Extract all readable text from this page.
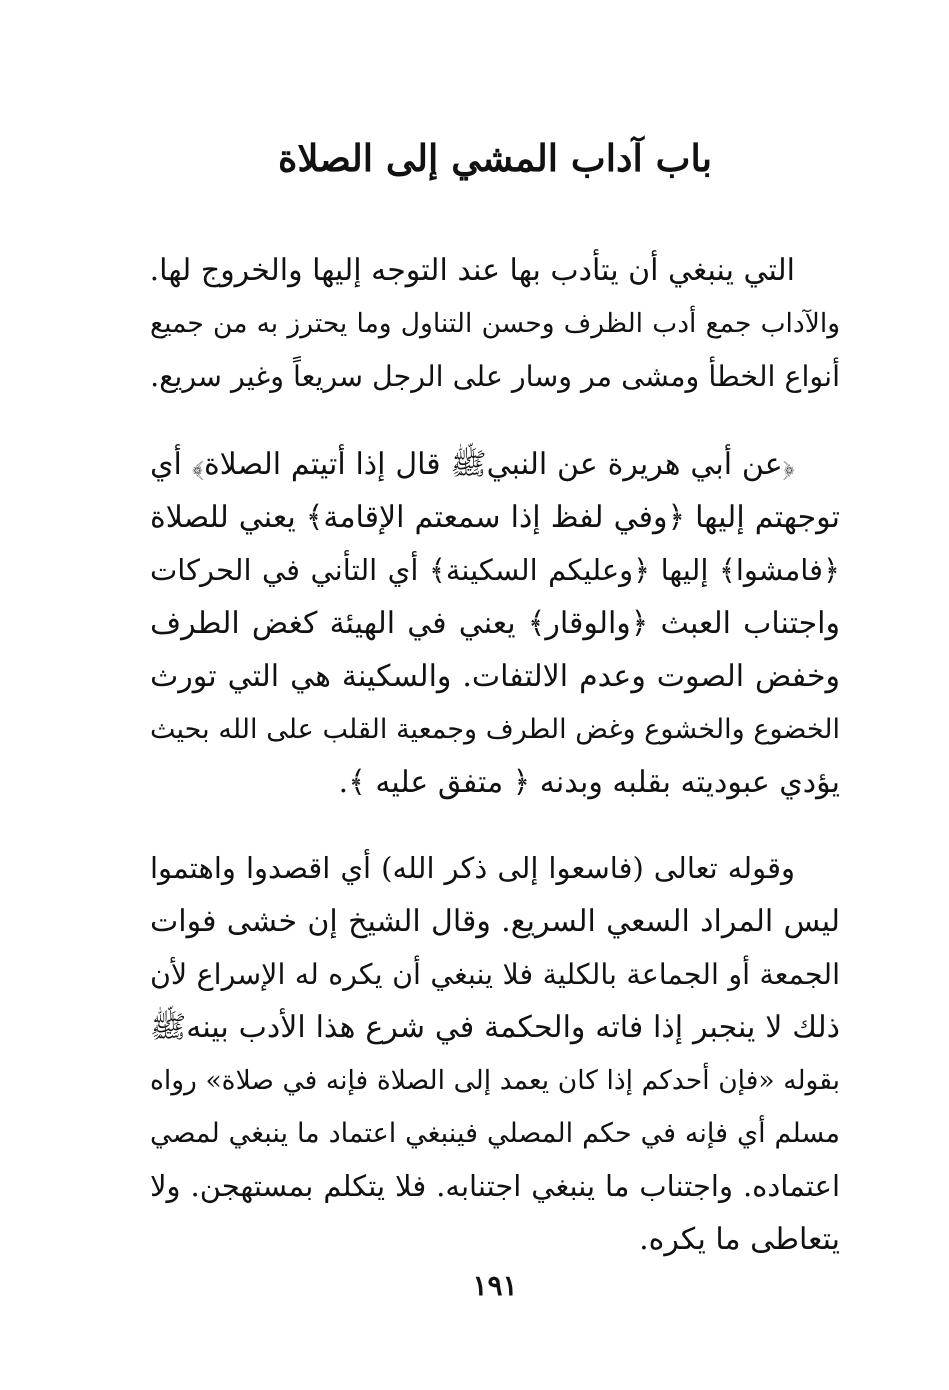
باب آداب المشي إلى الصلاة

التي ينبغي أن يتأدب بها عند التوجه إليها والخروج لها.
والآداب جمع أدب الظرف وحسن التناول وما يحترز به من جميع
أنواع الخطأ ومشى مر وسار على الرجل سريعاً وغير سريع.

﴿عن أبي هريرة عن النبيﷺ قال إذا أتيتم الصلاة﴾ أي
توجهتم إليها ﴿وفي لفظ إذا سمعتم الإقامة﴾ يعني للصلاة
﴿فامشوا﴾ إليها ﴿وعليكم السكينة﴾ أي التأني في الحركات
واجتناب العبث ﴿والوقار﴾ يعني في الهيئة كغض الطرف
وخفض الصوت وعدم الالتفات. والسكينة هي التي تورث
الخضوع والخشوع وغض الطرف وجمعية القلب على الله بحيث
يؤدي عبوديته بقلبه وبدنه ﴿ متفق عليه ﴾.

وقوله تعالى (فاسعوا إلى ذكر الله) أي اقصدوا واهتموا
ليس المراد السعي السريع. وقال الشيخ إن خشى فوات
الجمعة أو الجماعة بالكلية فلا ينبغي أن يكره له الإسراع لأن
ذلك لا ينجبر إذا فاته والحكمة في شرع هذا الأدب بينهﷺ
بقوله «فإن أحدكم إذا كان يعمد إلى الصلاة فإنه في صلاة» رواه
مسلم أي فإنه في حكم المصلي فينبغي اعتماد ما ينبغي لمصي
اعتماده. واجتناب ما ينبغي اجتنابه. فلا يتكلم بمستهجن. ولا
يتعاطى ما يكره.

١٩١
